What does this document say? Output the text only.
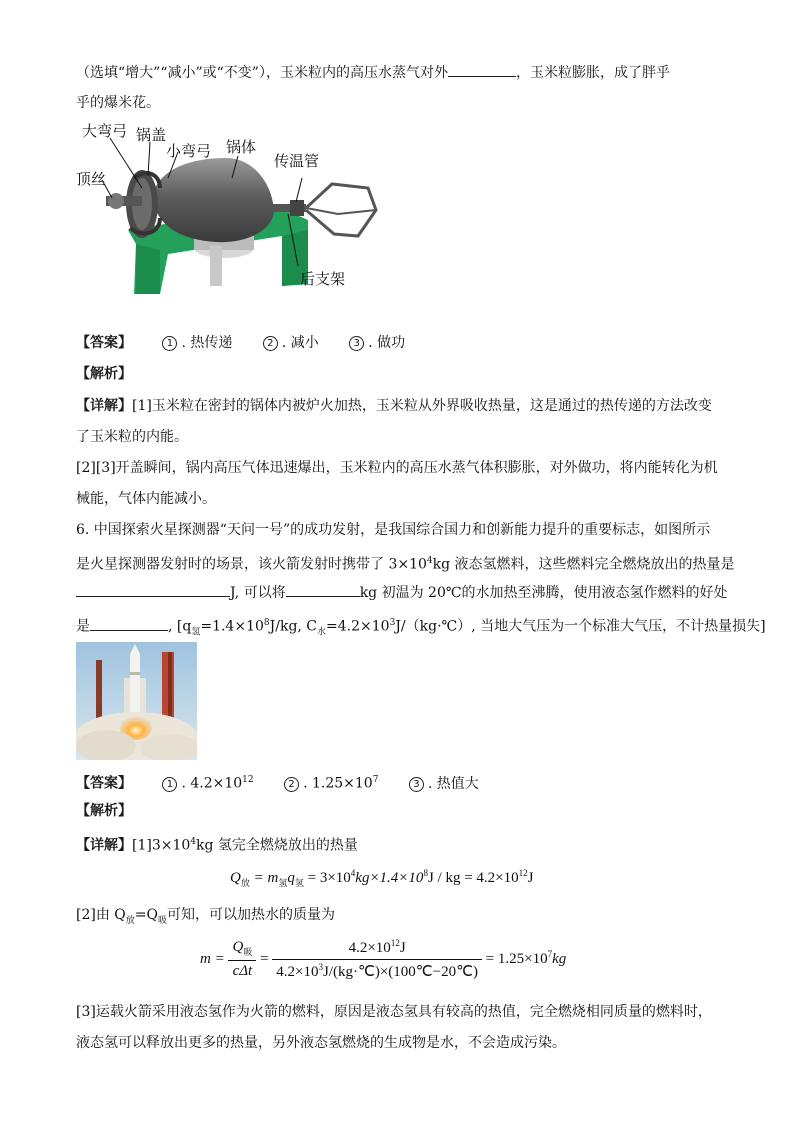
（选填“增大”“减小”或“不变”），玉米粒内的高压水蒸气对外	，玉米粒膨胀，成了胖乎
乎的爆米花。
大弯弓 锅盖
小弯弓 锅体
传温管
顶丝
后支架
【答案】	1 . 热传递	2 . 减小	3 . 做功
【解析】
【详解】[1]玉米粒在密封的锅体内被炉火加热，玉米粒从外界吸收热量，这是通过的热传递的方法改变
了玉米粒的内能。
[2][3]开盖瞬间，锅内高压气体迅速爆出，玉米粒内的高压水蒸气体积膨胀，对外做功，将内能转化为机
械能，气体内能减小。
6. 中国探索火星探测器“天问一号”的成功发射，是我国综合国力和创新能力提升的重要标志，如图所示
是火星探测器发射时的场景，该火箭发射时携带了 $3\times 10^4kg$ 液态氢燃料，这些燃料完全燃烧放出的热量是
J, 可以将	kg 初温为 20℃的水加热至沸腾，使用液态氢作燃料的好处
是	, [$q_氢=1.4\times 10^8J/kg$, $C_水=4.2\times 10^3J/(kg\cdot℃)$, 当地大气压为一个标准大气压，不计热量损失]
【答案】	1 . $4.2\times 10^{12}$	2 . $1.25\times 10^7$	3 . 热值大
【解析】
【详解】$[1]3\times 10^4kg$ 氢完全燃烧放出的热量
$Q_放 = m_氢q_氢 = 3\times 10^4kg\times 1.4\times 10^8J$ / kg = $4.2\times 10^{12}J$
[2]由 $Q_放=Q_吸$可知，可以加热水的质量为
$m = \frac{Q_吸}{\text{cΔt}} = \frac{4.2\times 10^{12}J}{4.2\times 10^3J/(kg\cdot℃)\times(100℃-20℃)} = 1.25\times 10^7kg$
[3]运载火箭采用液态氢作为火箭的燃料，原因是液态氢具有较高的热值，完全燃烧相同质量的燃料时，
液态氢可以释放出更多的热量，另外液态氢燃烧的生成物是水，不会造成污染。
